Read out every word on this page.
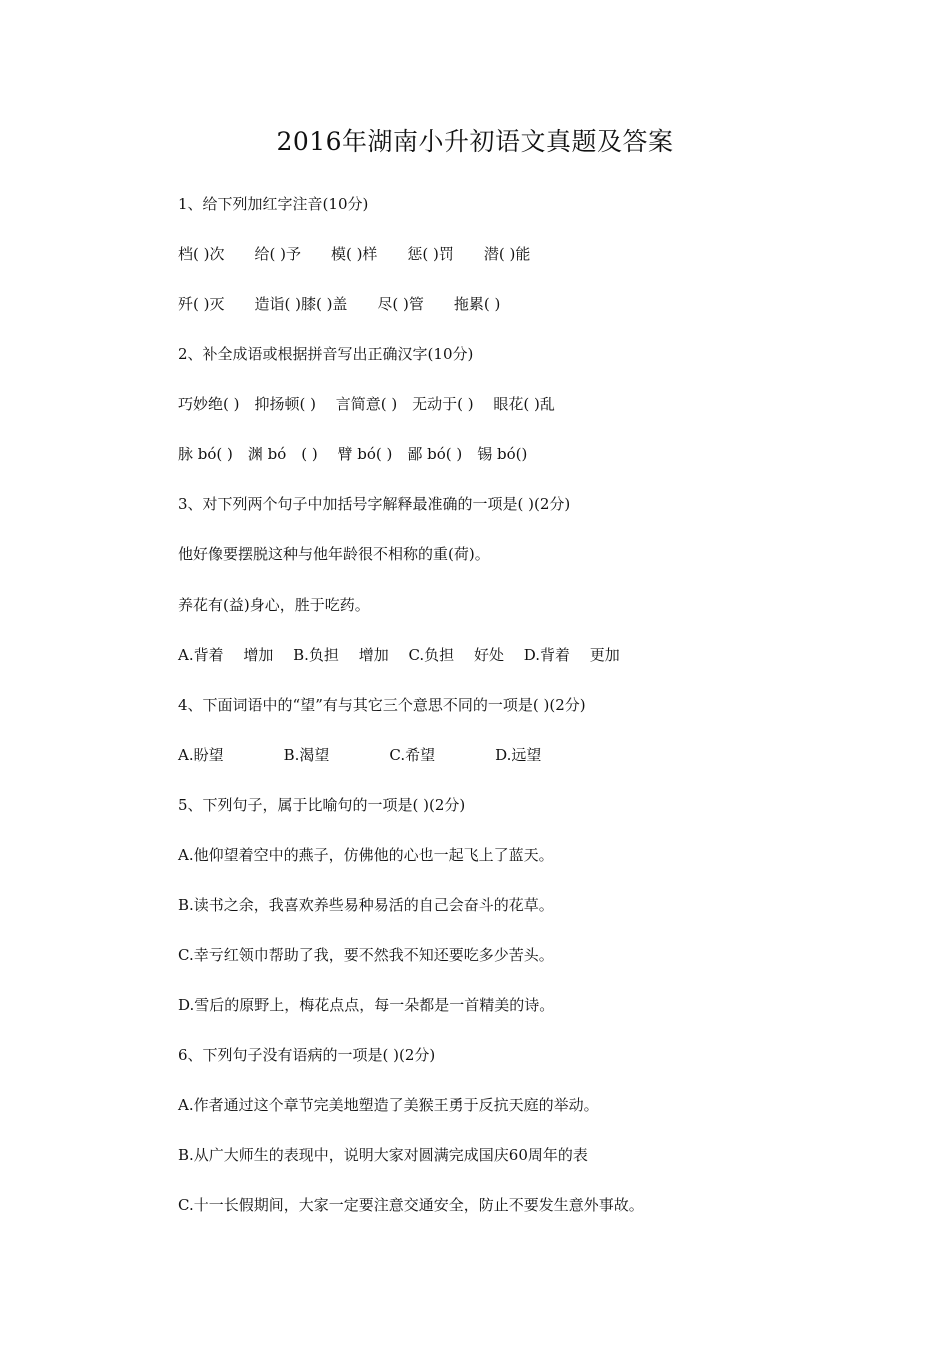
2016年湖南小升初语文真题及答案
1、给下列加红字注音(10分)
档( )次　　给( )予　　模( )样　　惩( )罚　　潜( )能
歼( )灭　　造诣( )膝( )盖　　尽( )管　　拖累( )
2、补全成语或根据拼音写出正确汉字(10分)
巧妙绝( )　抑扬顿( )　 言简意( )　无动于( )　 眼花( )乱
脉 bó( )　渊 bó　( )　 臂 bó( )　鄙 bó( )　锡 bó()
3、对下列两个句子中加括号字解释最准确的一项是( )(2分)
他好像要摆脱这种与他年龄很不相称的重(荷)。
养花有(益)身心，胜于吃药。
A.背着　 增加　 B.负担　 增加　 C.负担　 好处　 D.背着　 更加
4、下面词语中的“望”有与其它三个意思不同的一项是( )(2分)
A.盼望　　　　B.渴望　　　　C.希望　　　　D.远望
5、下列句子，属于比喻句的一项是( )(2分)
A.他仰望着空中的燕子，仿佛他的心也一起飞上了蓝天。
B.读书之余，我喜欢养些易种易活的自己会奋斗的花草。
C.幸亏红领巾帮助了我，要不然我不知还要吃多少苦头。
D.雪后的原野上，梅花点点，每一朵都是一首精美的诗。
6、下列句子没有语病的一项是( )(2分)
A.作者通过这个章节完美地塑造了美猴王勇于反抗天庭的举动。
B.从广大师生的表现中，说明大家对圆满完成国庆60周年的表
C.十一长假期间，大家一定要注意交通安全，防止不要发生意外事故。
